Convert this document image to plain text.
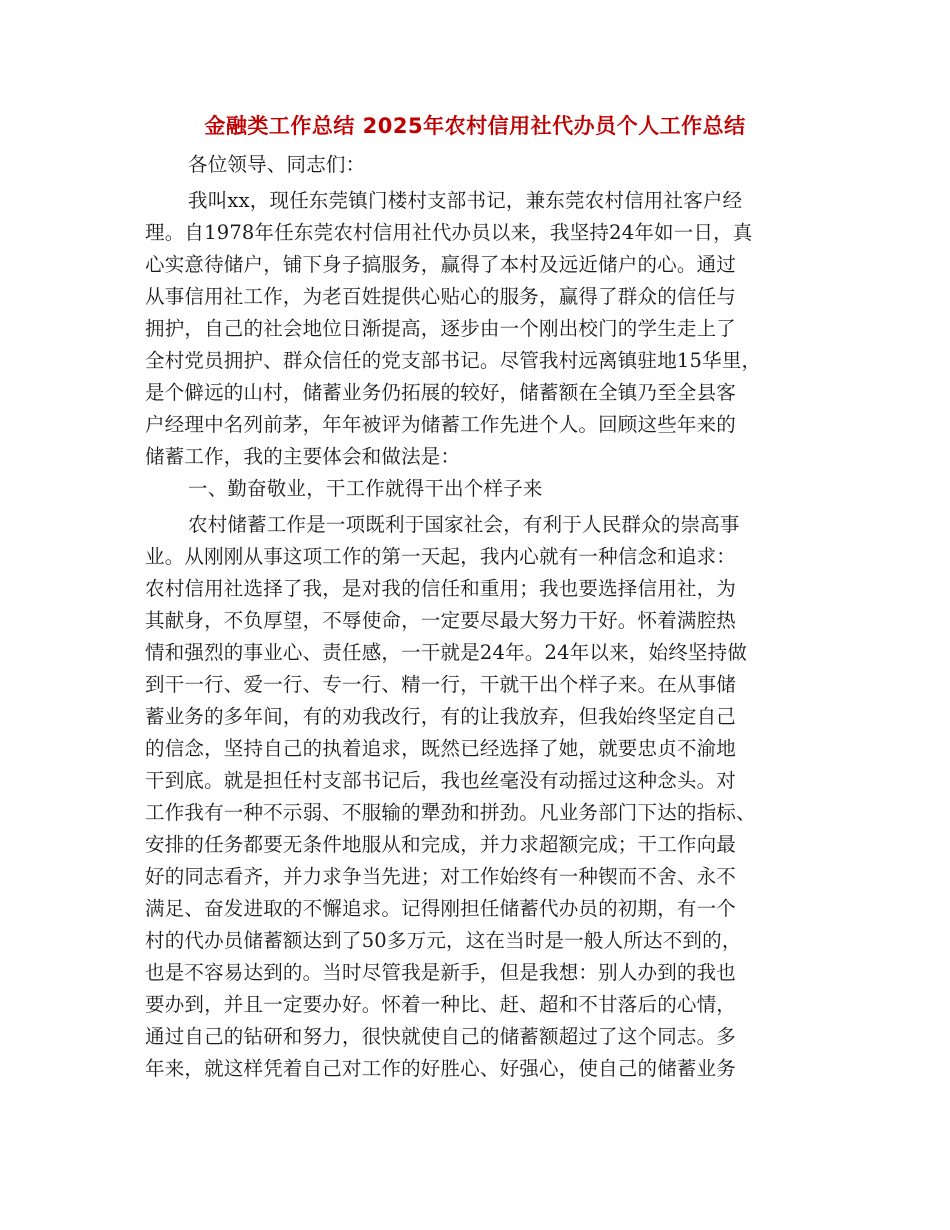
金融类工作总结 2025年农村信用社代办员个人工作总结
各位领导、同志们：
我叫xx，现任东莞镇门楼村支部书记，兼东莞农村信用社客户经
理。自1978年任东莞农村信用社代办员以来，我坚持24年如一日，真
心实意待储户，铺下身子搞服务，赢得了本村及远近储户的心。通过
从事信用社工作，为老百姓提供心贴心的服务，赢得了群众的信任与
拥护，自己的社会地位日渐提高，逐步由一个刚出校门的学生走上了
全村党员拥护、群众信任的党支部书记。尽管我村远离镇驻地15华里，
是个僻远的山村，储蓄业务仍拓展的较好，储蓄额在全镇乃至全县客
户经理中名列前茅，年年被评为储蓄工作先进个人。回顾这些年来的
储蓄工作，我的主要体会和做法是：
一、勤奋敬业，干工作就得干出个样子来
农村储蓄工作是一项既利于国家社会，有利于人民群众的崇高事
业。从刚刚从事这项工作的第一天起，我内心就有一种信念和追求：
农村信用社选择了我，是对我的信任和重用；我也要选择信用社，为
其献身，不负厚望，不辱使命，一定要尽最大努力干好。怀着满腔热
情和强烈的事业心、责任感，一干就是24年。24年以来，始终坚持做
到干一行、爱一行、专一行、精一行，干就干出个样子来。在从事储
蓄业务的多年间，有的劝我改行，有的让我放弃，但我始终坚定自己
的信念，坚持自己的执着追求，既然已经选择了她，就要忠贞不渝地
干到底。就是担任村支部书记后，我也丝毫没有动摇过这种念头。对
工作我有一种不示弱、不服输的犟劲和拼劲。凡业务部门下达的指标、
安排的任务都要无条件地服从和完成，并力求超额完成；干工作向最
好的同志看齐，并力求争当先进；对工作始终有一种锲而不舍、永不
满足、奋发进取的不懈追求。记得刚担任储蓄代办员的初期，有一个
村的代办员储蓄额达到了50多万元，这在当时是一般人所达不到的，
也是不容易达到的。当时尽管我是新手，但是我想：别人办到的我也
要办到，并且一定要办好。怀着一种比、赶、超和不甘落后的心情，
通过自己的钻研和努力，很快就使自己的储蓄额超过了这个同志。多
年来，就这样凭着自己对工作的好胜心、好强心，使自己的储蓄业务
